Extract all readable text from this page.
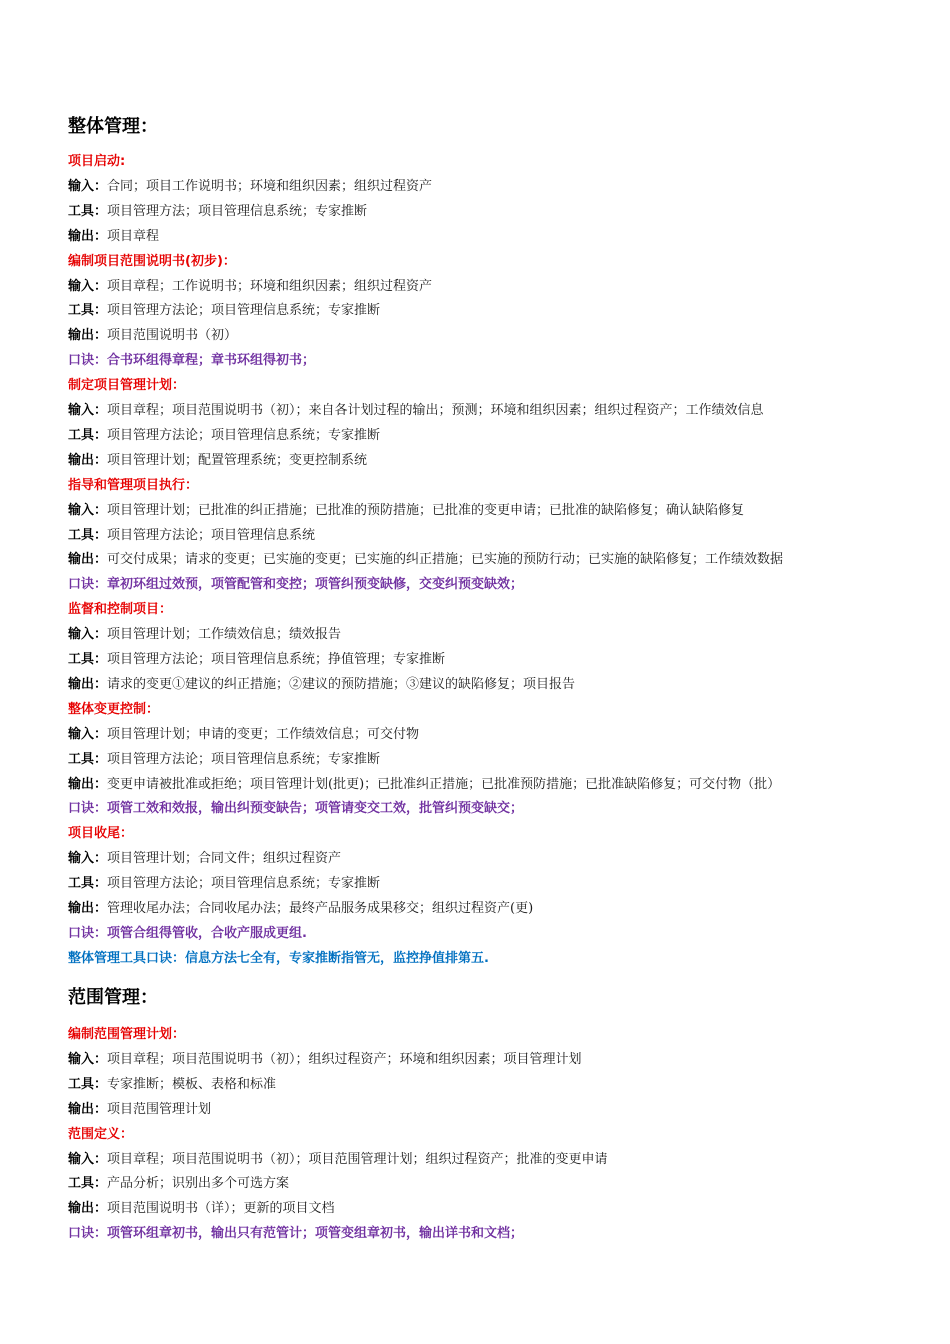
整体管理：
项目启动:
输入：合同；项目工作说明书；环境和组织因素；组织过程资产
工具：项目管理方法；项目管理信息系统；专家推断
输出：项目章程
编制项目范围说明书(初步)：
输入：项目章程；工作说明书；环境和组织因素；组织过程资产
工具：项目管理方法论；项目管理信息系统；专家推断
输出：项目范围说明书（初）
口诀：合书环组得章程；章书环组得初书；
制定项目管理计划：
输入：项目章程；项目范围说明书（初）；来自各计划过程的输出；预测；环境和组织因素；组织过程资产；工作绩效信息
工具：项目管理方法论；项目管理信息系统；专家推断
输出：项目管理计划；配置管理系统；变更控制系统
指导和管理项目执行：
输入：项目管理计划；已批准的纠正措施；已批准的预防措施；已批准的变更申请；已批准的缺陷修复；确认缺陷修复
工具：项目管理方法论；项目管理信息系统
输出：可交付成果；请求的变更；已实施的变更；已实施的纠正措施；已实施的预防行动；已实施的缺陷修复；工作绩效数据
口诀：章初环组过效预，项管配管和变控；项管纠预变缺修，交变纠预变缺效；
监督和控制项目：
输入：项目管理计划；工作绩效信息；绩效报告
工具：项目管理方法论；项目管理信息系统；挣值管理；专家推断
输出：请求的变更①建议的纠正措施；②建议的预防措施；③建议的缺陷修复；项目报告
整体变更控制：
输入：项目管理计划；申请的变更；工作绩效信息；可交付物
工具：项目管理方法论；项目管理信息系统；专家推断
输出：变更申请被批准或拒绝；项目管理计划(批更)；已批准纠正措施；已批准预防措施；已批准缺陷修复；可交付物（批）
口诀：项管工效和效报，输出纠预变缺告；项管请变交工效，批管纠预变缺交；
项目收尾：
输入：项目管理计划；合同文件；组织过程资产
工具：项目管理方法论；项目管理信息系统；专家推断
输出：管理收尾办法；合同收尾办法；最终产品服务成果移交；组织过程资产(更)
口诀：项管合组得管收，合收产服成更组.
整体管理工具口诀：信息方法七全有，专家推断指管无，监控挣值排第五.
范围管理：
编制范围管理计划：
输入：项目章程；项目范围说明书（初）；组织过程资产；环境和组织因素；项目管理计划
工具：专家推断；模板、表格和标准
输出：项目范围管理计划
范围定义：
输入：项目章程；项目范围说明书（初）；项目范围管理计划；组织过程资产；批准的变更申请
工具：产品分析；识别出多个可选方案
输出：项目范围说明书（详）；更新的项目文档
口诀：项管环组章初书，输出只有范管计；项管变组章初书，输出详书和文档；
